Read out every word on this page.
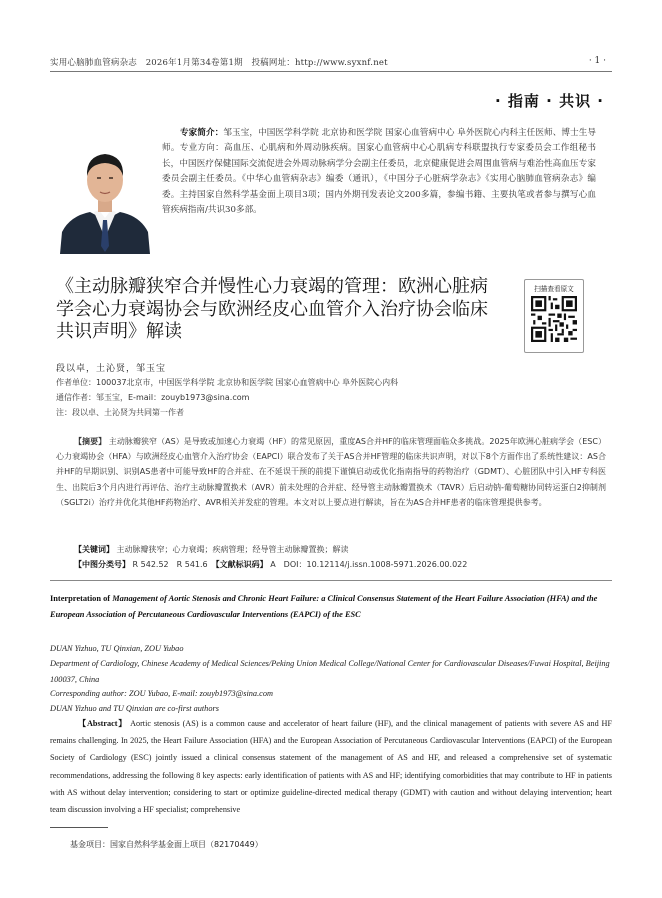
实用心脑肺血管病杂志　2026年1月第34卷第1期　投稿网址：http://www.syxnf.net	· 1 ·
· 指南 · 共识 ·
专家简介：邹玉宝，中国医学科学院 北京协和医学院 国家心血管病中心 阜外医院心内科主任医师、博士生导师。专业方向：高血压、心肌病和外周动脉疾病。国家心血管病中心心肌病专科联盟执行专家委员会工作组秘书长，中国医疗保健国际交流促进会外周动脉病学分会副主任委员，北京健康促进会周围血管病与难治性高血压专家委员会副主任委员。《中华心血管病杂志》编委（通讯），《中国分子心脏病学杂志》《实用心脑肺血管病杂志》编委。主持国家自然科学基金面上项目3项；国内外期刊发表论文200多篇，参编书籍、主要执笔或者参与撰写心血管疾病指南/共识30多部。
《主动脉瓣狭窄合并慢性心力衰竭的管理：欧洲心脏病学会心力衰竭协会与欧洲经皮心血管介入治疗协会临床共识声明》解读
扫描查看原文
段以卓，土沁贤，邹玉宝
作者单位：100037北京市，中国医学科学院 北京协和医学院 国家心血管病中心 阜外医院心内科
通信作者：邹玉宝，E-mail：zouyb1973@sina.com
注：段以卓、土沁贤为共同第一作者
【摘要】 主动脉瓣狭窄（AS）是导致或加速心力衰竭（HF）的常见原因，重度AS合并HF的临床管理面临众多挑战。2025年欧洲心脏病学会（ESC）心力衰竭协会（HFA）与欧洲经皮心血管介入治疗协会（EAPCI）联合发布了关于AS合并HF管理的临床共识声明，对以下8个方面作出了系统性建议：AS合并HF的早期识别、识别AS患者中可能导致HF的合并症、在不延误干预的前提下谨慎启动或优化指南指导的药物治疗（GDMT）、心脏团队中引入HF专科医生、出院后3个月内进行再评估、治疗主动脉瓣置换术（AVR）前未处理的合并症、经导管主动脉瓣置换术（TAVR）后启动钠-葡萄糖协同转运蛋白2抑制剂（SGLT2i）治疗并优化其他HF药物治疗、AVR相关并发症的管理。本文对以上要点进行解读，旨在为AS合并HF患者的临床管理提供参考。
【关键词】 主动脉瓣狭窄；心力衰竭；疾病管理；经导管主动脉瓣置换；解读
【中图分类号】 R 542.52　R 541.6　 【文献标识码】 A　DOI：10.12114/j.issn.1008-5971.2026.00.022
Interpretation of Management of Aortic Stenosis and Chronic Heart Failure: a Clinical Consensus Statement of the Heart Failure Association (HFA) and the European Association of Percutaneous Cardiovascular Interventions (EAPCI) of the ESC
DUAN Yizhuo, TU Qinxian, ZOU Yubao
Department of Cardiology, Chinese Academy of Medical Sciences/Peking Union Medical College/National Center for Cardiovascular Diseases/Fuwai Hospital, Beijing 100037, China
Corresponding author: ZOU Yubao, E-mail: zouyb1973@sina.com
DUAN Yizhuo and TU Qinxian are co-first authors
【Abstract】 Aortic stenosis (AS) is a common cause and accelerator of heart failure (HF), and the clinical management of patients with severe AS and HF remains challenging. In 2025, the Heart Failure Association (HFA) and the European Association of Percutaneous Cardiovascular Interventions (EAPCI) of the European Society of Cardiology (ESC) jointly issued a clinical consensus statement of the management of AS and HF, and released a comprehensive set of systematic recommendations, addressing the following 8 key aspects: early identification of patients with AS and HF; identifying comorbidities that may contribute to HF in patients with AS without delay intervention; considering to start or optimize guideline-directed medical therapy (GDMT) with caution and without delaying intervention; heart team discussion involving a HF specialist; comprehensive
基金项目：国家自然科学基金面上项目（82170449）
